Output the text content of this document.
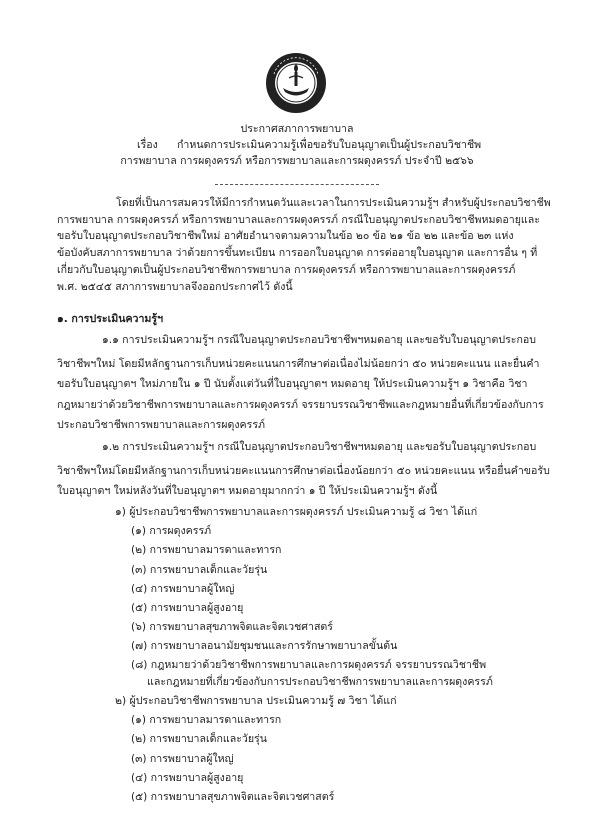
ประกาศสภาการพยาบาล
เรื่อง กำหนดการประเมินความรู้เพื่อขอรับใบอนุญาตเป็นผู้ประกอบวิชาชีพ
การพยาบาล การผดุงครรภ์ หรือการพยาบาลและการผดุงครรภ์ ประจำปี ๒๕๖๖
โดยที่เป็นการสมควรให้มีการกำหนดวันและเวลาในการประเมินความรู้ฯ สำหรับผู้ประกอบวิชาชีพ
การพยาบาล การผดุงครรภ์ หรือการพยาบาลและการผดุงครรภ์ กรณีใบอนุญาตประกอบวิชาชีพหมดอายุและ
ขอรับใบอนุญาตประกอบวิชาชีพใหม่ อาศัยอำนาจตามความในข้อ ๒๐ ข้อ ๒๑ ข้อ ๒๒ และข้อ ๒๓ แห่ง
ข้อบังคับสภาการพยาบาล ว่าด้วยการขึ้นทะเบียน การออกใบอนุญาต การต่ออายุใบอนุญาต และการอื่น ๆ ที่
เกี่ยวกับใบอนุญาตเป็นผู้ประกอบวิชาชีพการพยาบาล การผดุงครรภ์ หรือการพยาบาลและการผดุงครรภ์
พ.ศ. ๒๕๔๕ สภาการพยาบาลจึงออกประกาศไว้ ดังนี้
๑. การประเมินความรู้ฯ
๑.๑ การประเมินความรู้ฯ กรณีใบอนุญาตประกอบวิชาชีพฯหมดอายุ และขอรับใบอนุญาตประกอบ
วิชาชีพฯใหม่ โดยมีหลักฐานการเก็บหน่วยคะแนนการศึกษาต่อเนื่องไม่น้อยกว่า ๕๐ หน่วยคะแนน และยื่นคำ
ขอรับใบอนุญาตฯ ใหม่ภายใน ๑ ปี นับตั้งแต่วันที่ใบอนุญาตฯ หมดอายุ ให้ประเมินความรู้ฯ ๑ วิชาคือ วิชา
กฎหมายว่าด้วยวิชาชีพการพยาบาลและการผดุงครรภ์ จรรยาบรรณวิชาชีพและกฎหมายอื่นที่เกี่ยวข้องกับการ
ประกอบวิชาชีพการพยาบาลและการผดุงครรภ์
๑.๒ การประเมินความรู้ฯ กรณีใบอนุญาตประกอบวิชาชีพฯหมดอายุ และขอรับใบอนุญาตประกอบ
วิชาชีพฯใหม่โดยมีหลักฐานการเก็บหน่วยคะแนนการศึกษาต่อเนื่องน้อยกว่า ๕๐ หน่วยคะแนน หรือยื่นคำขอรับ
ใบอนุญาตฯ ใหม่หลังวันที่ใบอนุญาตฯ หมดอายุมากกว่า ๑ ปี ให้ประเมินความรู้ฯ ดังนี้
๑) ผู้ประกอบวิชาชีพการพยาบาลและการผดุงครรภ์ ประเมินความรู้ ๘ วิชา ได้แก่
(๑) การผดุงครรภ์
(๒) การพยาบาลมารดาและทารก
(๓) การพยาบาลเด็กและวัยรุ่น
(๔) การพยาบาลผู้ใหญ่
(๕) การพยาบาลผู้สูงอายุ
(๖) การพยาบาลสุขภาพจิตและจิตเวชศาสตร์
(๗) การพยาบาลอนามัยชุมชนและการรักษาพยาบาลขั้นต้น
(๘) กฎหมายว่าด้วยวิชาชีพการพยาบาลและการผดุงครรภ์ จรรยาบรรณวิชาชีพ
และกฎหมายที่เกี่ยวข้องกับการประกอบวิชาชีพการพยาบาลและการผดุงครรภ์
๒) ผู้ประกอบวิชาชีพการพยาบาล ประเมินความรู้ ๗ วิชา ได้แก่
(๑) การพยาบาลมารดาและทารก
(๒) การพยาบาลเด็กและวัยรุ่น
(๓) การพยาบาลผู้ใหญ่
(๔) การพยาบาลผู้สูงอายุ
(๕) การพยาบาลสุขภาพจิตและจิตเวชศาสตร์
